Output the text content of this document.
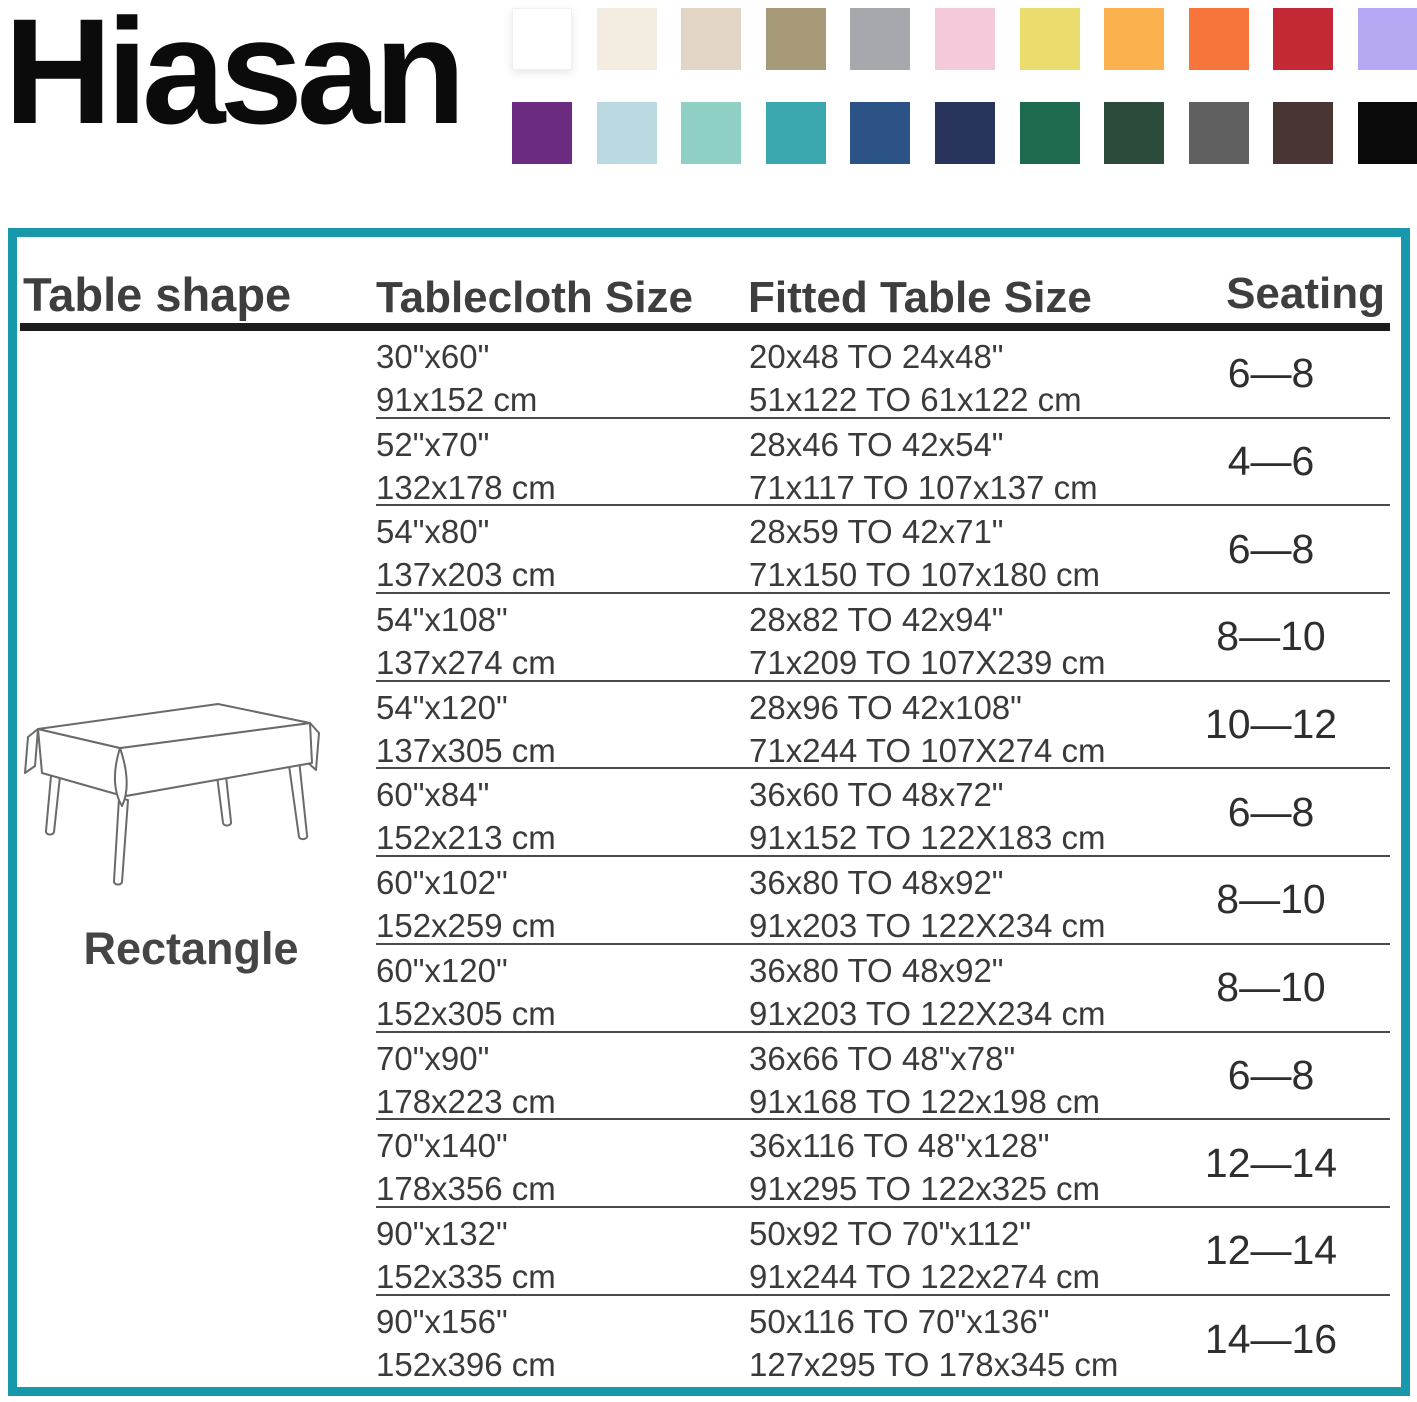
Hiasan
Table shape Tablecloth Size Fitted Table Size	Seating
Rectangle
30"x60"
91x152 cm
20x48 TO 24x48"
51x122 TO 61x122 cm
6—8
52"x70"
132x178 cm
28x46 TO 42x54"
71x117 TO 107x137 cm
4—6
54"x80"
137x203 cm
28x59 TO 42x71"
71x150 TO 107x180 cm
6—8
54"x108"
137x274 cm
28x82 TO 42x94"
71x209 TO 107X239 cm
8—10
54"x120"
137x305 cm
28x96 TO 42x108"
71x244 TO 107X274 cm
10—12
60"x84"
152x213 cm
36x60 TO 48x72"
91x152 TO 122X183 cm
6—8
60"x102"
152x259 cm
36x80 TO 48x92"
91x203 TO 122X234 cm
8—10
60"x120"
152x305 cm
36x80 TO 48x92"
91x203 TO 122X234 cm
8—10
70"x90"
178x223 cm
36x66 TO 48"x78"
91x168 TO 122x198 cm
6—8
70"x140"
178x356 cm
36x116 TO 48"x128"
91x295 TO 122x325 cm
12—14
90"x132"
152x335 cm
50x92 TO 70"x112"
91x244 TO 122x274 cm
12—14
90"x156"
152x396 cm
50x116 TO 70"x136"
127x295 TO 178x345 cm
14—16
